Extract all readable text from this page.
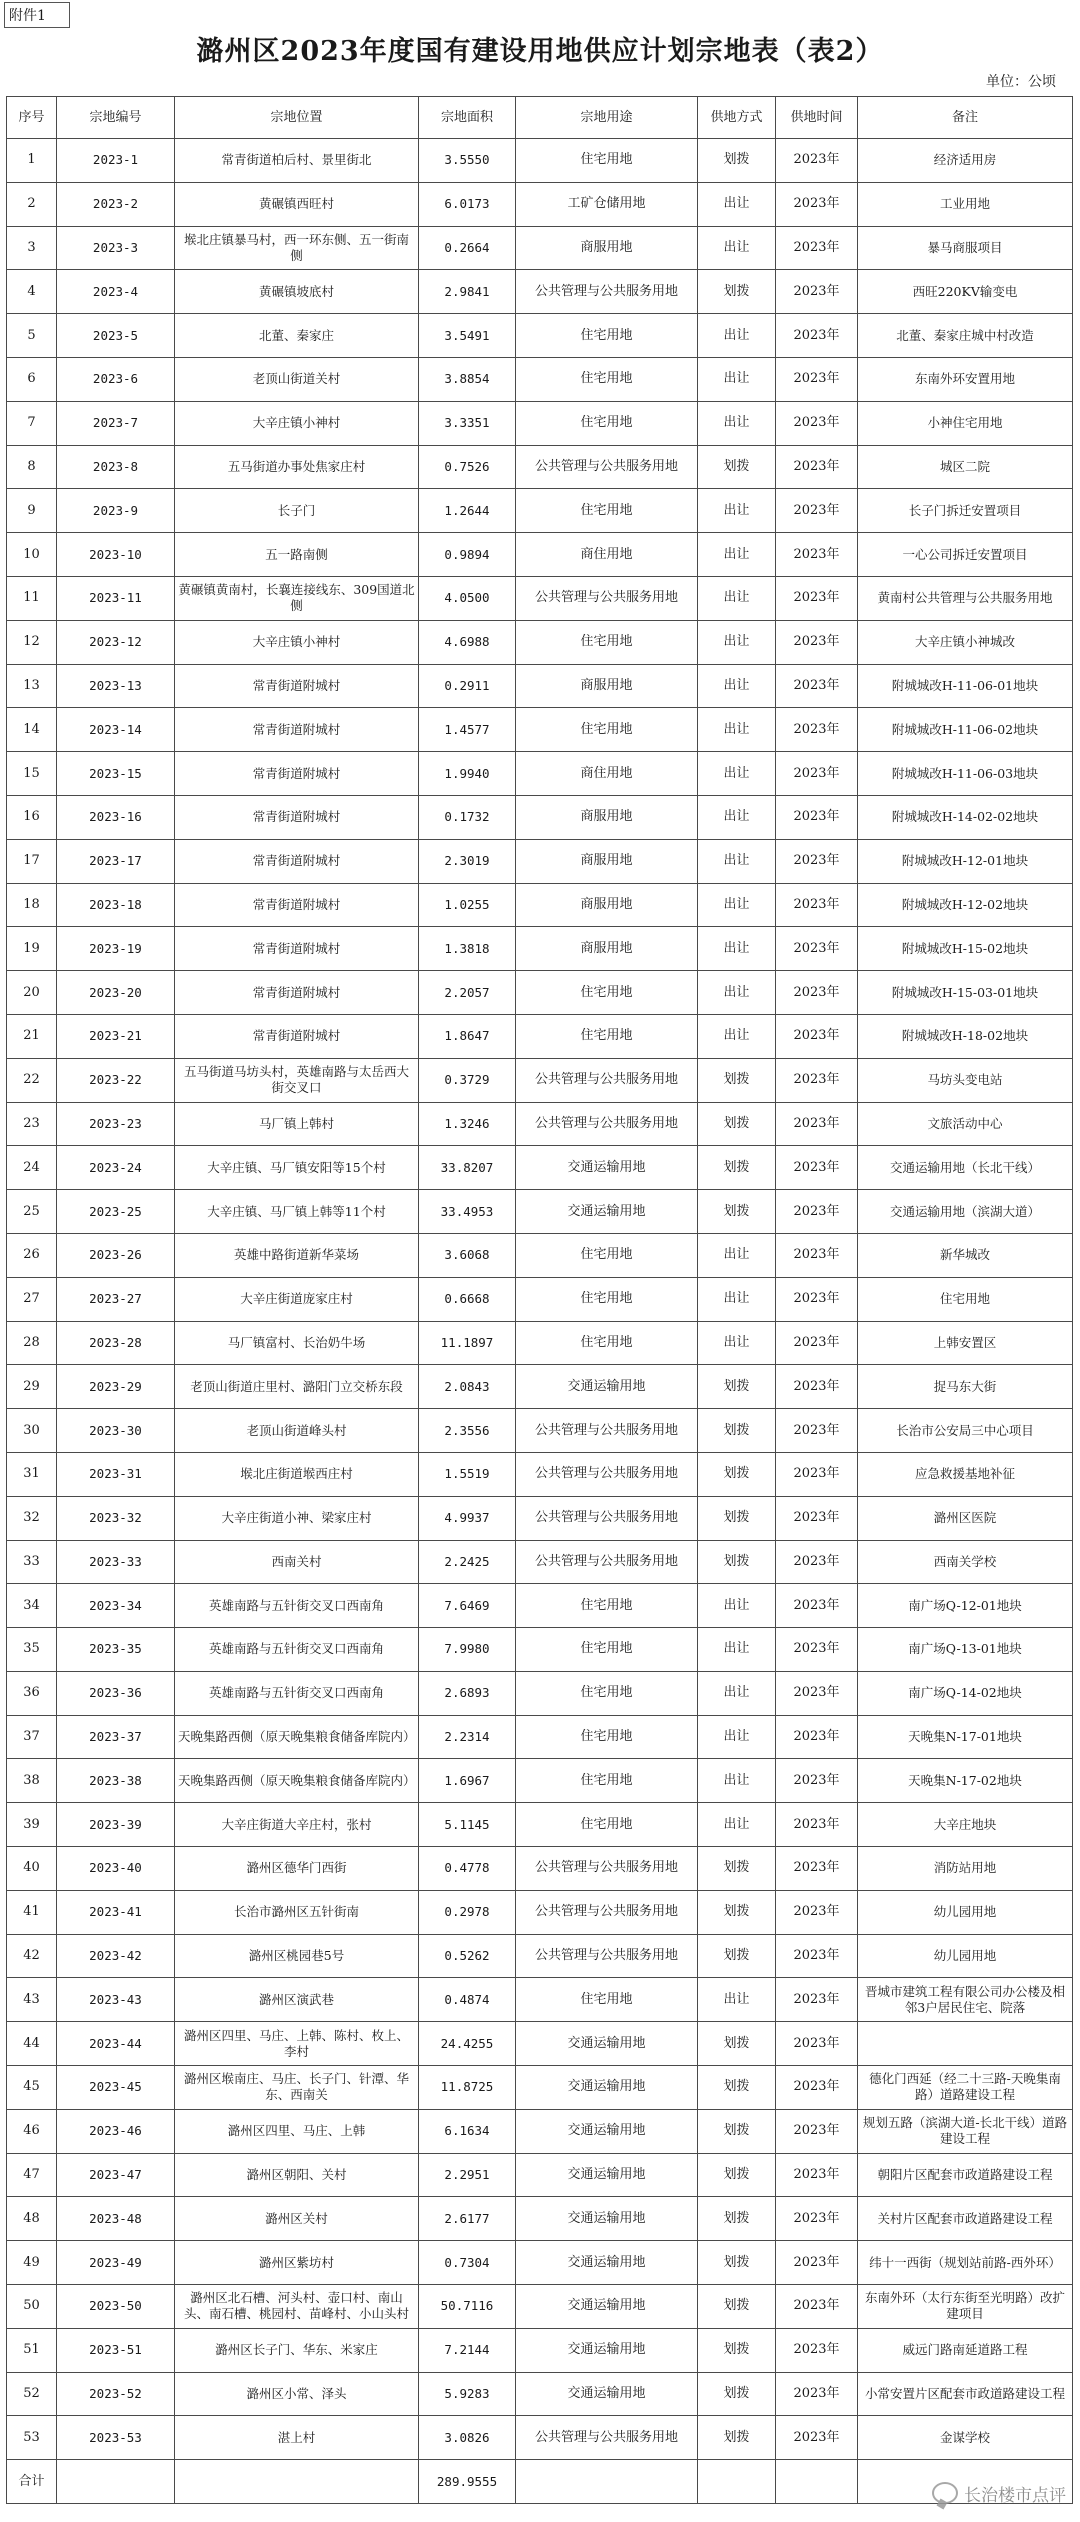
附件1
潞州区2023年度国有建设用地供应计划宗地表（表2）
单位：公顷
序号	宗地编号	宗地位置	宗地面积	宗地用途	供地方式	供地时间	备注
1	2023-1	常青街道柏后村、景里街北	3.5550	住宅用地	划拨	2023年	经济适用房
2	2023-2	黄碾镇西旺村	6.0173	工矿仓储用地	出让	2023年	工业用地
3	2023-3	堠北庄镇暴马村，西一环东侧、五一街南侧	0.2664	商服用地	出让	2023年	暴马商服项目
4	2023-4	黄碾镇坡底村	2.9841	公共管理与公共服务用地	划拨	2023年	西旺220KV输变电
5	2023-5	北董、秦家庄	3.5491	住宅用地	出让	2023年	北董、秦家庄城中村改造
6	2023-6	老顶山街道关村	3.8854	住宅用地	出让	2023年	东南外环安置用地
7	2023-7	大辛庄镇小神村	3.3351	住宅用地	出让	2023年	小神住宅用地
8	2023-8	五马街道办事处焦家庄村	0.7526	公共管理与公共服务用地	划拨	2023年	城区二院
9	2023-9	长子门	1.2644	住宅用地	出让	2023年	长子门拆迁安置项目
10	2023-10	五一路南侧	0.9894	商住用地	出让	2023年	一心公司拆迁安置项目
11	2023-11	黄碾镇黄南村，长襄连接线东、309国道北侧	4.0500	公共管理与公共服务用地	出让	2023年	黄南村公共管理与公共服务用地
12	2023-12	大辛庄镇小神村	4.6988	住宅用地	出让	2023年	大辛庄镇小神城改
13	2023-13	常青街道附城村	0.2911	商服用地	出让	2023年	附城城改H-11-06-01地块
14	2023-14	常青街道附城村	1.4577	住宅用地	出让	2023年	附城城改H-11-06-02地块
15	2023-15	常青街道附城村	1.9940	商住用地	出让	2023年	附城城改H-11-06-03地块
16	2023-16	常青街道附城村	0.1732	商服用地	出让	2023年	附城城改H-14-02-02地块
17	2023-17	常青街道附城村	2.3019	商服用地	出让	2023年	附城城改H-12-01地块
18	2023-18	常青街道附城村	1.0255	商服用地	出让	2023年	附城城改H-12-02地块
19	2023-19	常青街道附城村	1.3818	商服用地	出让	2023年	附城城改H-15-02地块
20	2023-20	常青街道附城村	2.2057	住宅用地	出让	2023年	附城城改H-15-03-01地块
21	2023-21	常青街道附城村	1.8647	住宅用地	出让	2023年	附城城改H-18-02地块
22	2023-22	五马街道马坊头村，英雄南路与太岳西大街交叉口	0.3729	公共管理与公共服务用地	划拨	2023年	马坊头变电站
23	2023-23	马厂镇上韩村	1.3246	公共管理与公共服务用地	划拨	2023年	文旅活动中心
24	2023-24	大辛庄镇、马厂镇安阳等15个村	33.8207	交通运输用地	划拨	2023年	交通运输用地（长北干线）
25	2023-25	大辛庄镇、马厂镇上韩等11个村	33.4953	交通运输用地	划拨	2023年	交通运输用地（滨湖大道）
26	2023-26	英雄中路街道新华菜场	3.6068	住宅用地	出让	2023年	新华城改
27	2023-27	大辛庄街道庞家庄村	0.6668	住宅用地	出让	2023年	住宅用地
28	2023-28	马厂镇富村、长治奶牛场	11.1897	住宅用地	出让	2023年	上韩安置区
29	2023-29	老顶山街道庄里村、潞阳门立交桥东段	2.0843	交通运输用地	划拨	2023年	捉马东大街
30	2023-30	老顶山街道峰头村	2.3556	公共管理与公共服务用地	划拨	2023年	长治市公安局三中心项目
31	2023-31	堠北庄街道堠西庄村	1.5519	公共管理与公共服务用地	划拨	2023年	应急救援基地补征
32	2023-32	大辛庄街道小神、梁家庄村	4.9937	公共管理与公共服务用地	划拨	2023年	潞州区医院
33	2023-33	西南关村	2.2425	公共管理与公共服务用地	划拨	2023年	西南关学校
34	2023-34	英雄南路与五针街交叉口西南角	7.6469	住宅用地	出让	2023年	南广场Q-12-01地块
35	2023-35	英雄南路与五针街交叉口西南角	7.9980	住宅用地	出让	2023年	南广场Q-13-01地块
36	2023-36	英雄南路与五针街交叉口西南角	2.6893	住宅用地	出让	2023年	南广场Q-14-02地块
37	2023-37	天晚集路西侧（原天晚集粮食储备库院内）	2.2314	住宅用地	出让	2023年	天晚集N-17-01地块
38	2023-38	天晚集路西侧（原天晚集粮食储备库院内）	1.6967	住宅用地	出让	2023年	天晚集N-17-02地块
39	2023-39	大辛庄街道大辛庄村，张村	5.1145	住宅用地	出让	2023年	大辛庄地块
40	2023-40	潞州区德华门西街	0.4778	公共管理与公共服务用地	划拨	2023年	消防站用地
41	2023-41	长治市潞州区五针街南	0.2978	公共管理与公共服务用地	划拨	2023年	幼儿园用地
42	2023-42	潞州区桃园巷5号	0.5262	公共管理与公共服务用地	划拨	2023年	幼儿园用地
43	2023-43	潞州区演武巷	0.4874	住宅用地	出让	2023年	晋城市建筑工程有限公司办公楼及相邻3户居民住宅、院落
44	2023-44	潞州区四里、马庄、上韩、陈村、枚上、李村	24.4255	交通运输用地	划拨	2023年	
45	2023-45	潞州区堠南庄、马庄、长子门、针潭、华东、西南关	11.8725	交通运输用地	划拨	2023年	德化门西延（经二十三路-天晚集南路）道路建设工程
46	2023-46	潞州区四里、马庄、上韩	6.1634	交通运输用地	划拨	2023年	规划五路（滨湖大道-长北干线）道路建设工程
47	2023-47	潞州区朝阳、关村	2.2951	交通运输用地	划拨	2023年	朝阳片区配套市政道路建设工程
48	2023-48	潞州区关村	2.6177	交通运输用地	划拨	2023年	关村片区配套市政道路建设工程
49	2023-49	潞州区紫坊村	0.7304	交通运输用地	划拨	2023年	纬十一西街（规划站前路-西外环）
50	2023-50	潞州区北石槽、河头村、壶口村、南山头、南石槽、桃园村、苗峰村、小山头村	50.7116	交通运输用地	划拨	2023年	东南外环（太行东街至光明路）改扩建项目
51	2023-51	潞州区长子门、华东、米家庄	7.2144	交通运输用地	划拨	2023年	威远门路南延道路工程
52	2023-52	潞州区小常、泽头	5.9283	交通运输用地	划拨	2023年	小常安置片区配套市政道路建设工程
53	2023-53	湛上村	3.0826	公共管理与公共服务用地	划拨	2023年	金谋学校
合计			289.9555				
长治楼市点评
